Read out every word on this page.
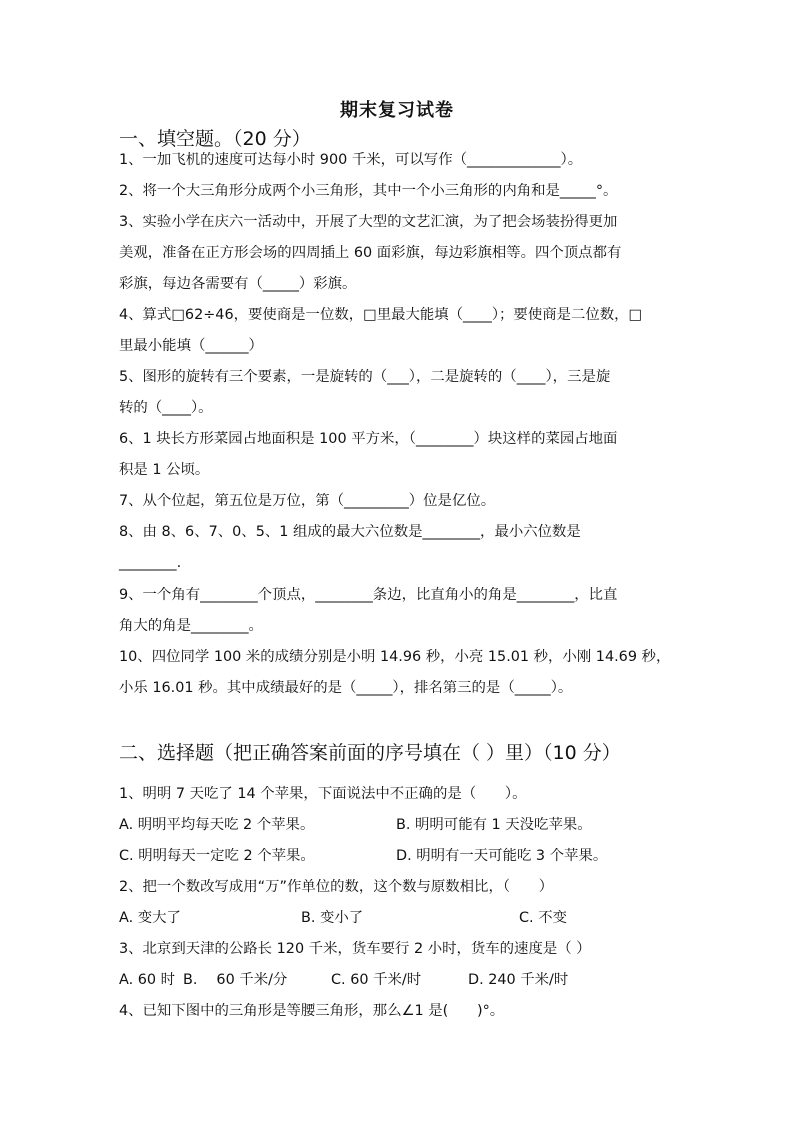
期末复习试卷
一、填空题。（20 分）
1、一加飞机的速度可达每小时 900 千米，可以写作（_____________）。
2、将一个大三角形分成两个小三角形，其中一个小三角形的内角和是_____°。
3、实验小学在庆六一活动中，开展了大型的文艺汇演，为了把会场装扮得更加
美观，准备在正方形会场的四周插上 60 面彩旗，每边彩旗相等。四个顶点都有
彩旗，每边各需要有（_____）彩旗。
4、算式□62÷46，要使商是一位数，□里最大能填（____）；要使商是二位数，□
里最小能填（______）
5、图形的旋转有三个要素，一是旋转的（___），二是旋转的（____），三是旋
转的（____）。
6、1 块长方形菜园占地面积是 100 平方米，（________）块这样的菜园占地面
积是 1 公顷。
7、从个位起，第五位是万位，第（_________）位是亿位。
8、由 8、6、7、0、5、1 组成的最大六位数是________，最小六位数是
________.
9、一个角有________个顶点，________条边，比直角小的角是________，比直
角大的角是________。
10、四位同学 100 米的成绩分别是小明 14.96 秒，小亮 15.01 秒，小刚 14.69 秒，
小乐 16.01 秒。其中成绩最好的是（_____），排名第三的是（_____）。
二、选择题（把正确答案前面的序号填在（ ）里）（10 分）
1、明明 7 天吃了 14 个苹果，下面说法中不正确的是（　　）。
A. 明明平均每天吃 2 个苹果。	B. 明明可能有 1 天没吃苹果。
C. 明明每天一定吃 2 个苹果。	D. 明明有一天可能吃 3 个苹果。
2、把一个数改写成用“万”作单位的数，这个数与原数相比，（　　）
A. 变大了	B. 变小了	C. 不变
3、北京到天津的公路长 120 千米，货车要行 2 小时，货车的速度是（ ）
A. 60 时 B.　 60 千米/分	C. 60 千米/时	D. 240 千米/时
4、已知下图中的三角形是等腰三角形，那么∠1 是(　　)°。
